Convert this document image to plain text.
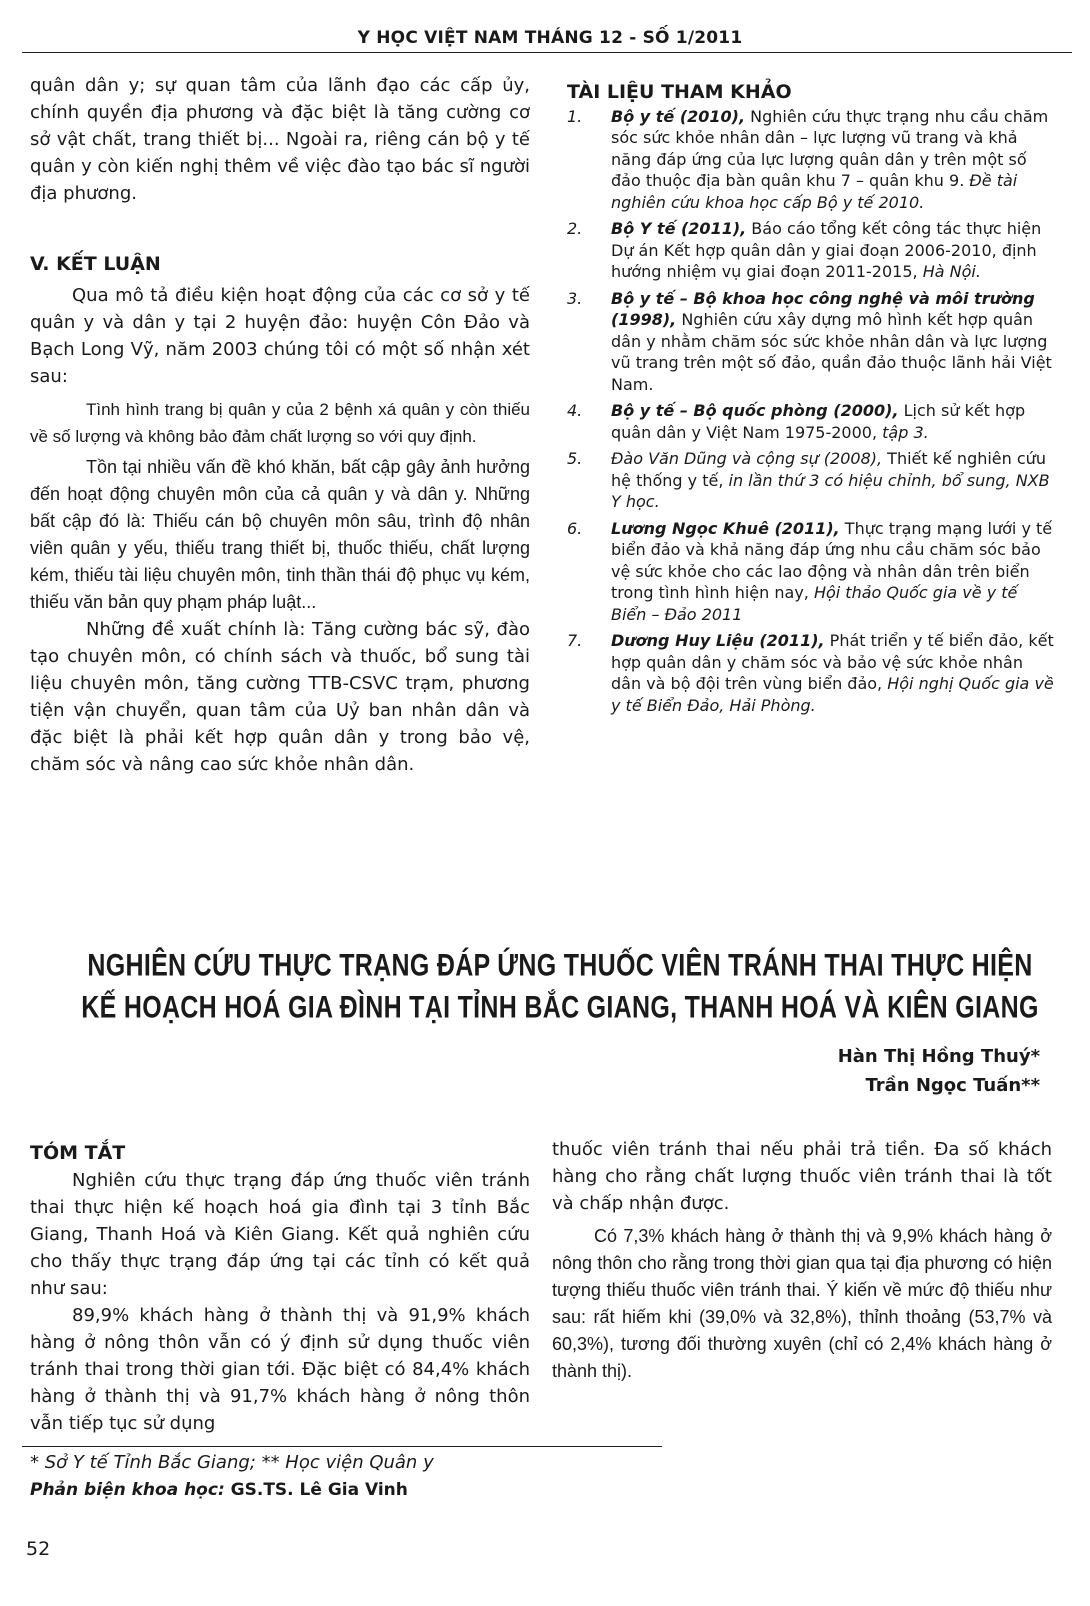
Y HỌC VIỆT NAM THÁNG 12 - SỐ 1/2011

quân dân y; sự quan tâm của lãnh đạo các cấp ủy, chính quyền địa phương và đặc biệt là tăng cường cơ sở vật chất, trang thiết bị... Ngoài ra, riêng cán bộ y tế quân y còn kiến nghị thêm về việc đào tạo bác sĩ người địa phương.

V. KẾT LUẬN

Qua mô tả điều kiện hoạt động của các cơ sở y tế quân y và dân y tại 2 huyện đảo: huyện Côn Đảo và Bạch Long Vỹ, năm 2003 chúng tôi có một số nhận xét sau:

Tình hình trang bị quân y của 2 bệnh xá quân y còn thiếu về số lượng và không bảo đảm chất lượng so với quy định.

Tồn tại nhiều vấn đề khó khăn, bất cập gây ảnh hưởng đến hoạt động chuyên môn của cả quân y và dân y. Những bất cập đó là: Thiếu cán bộ chuyên môn sâu, trình độ nhân viên quân y yếu, thiếu trang thiết bị, thuốc thiếu, chất lượng kém, thiếu tài liệu chuyên môn, tinh thần thái độ phục vụ kém, thiếu văn bản quy phạm pháp luật...

Những đề xuất chính là: Tăng cường bác sỹ, đào tạo chuyên môn, có chính sách và thuốc, bổ sung tài liệu chuyên môn, tăng cường TTB-CSVC trạm, phương tiện vận chuyển, quan tâm của Uỷ ban nhân dân và đặc biệt là phải kết hợp quân dân y trong bảo vệ, chăm sóc và nâng cao sức khỏe nhân dân.

TÀI LIỆU THAM KHẢO
1. Bộ y tế (2010), Nghiên cứu thực trạng nhu cầu chăm sóc sức khỏe nhân dân – lực lượng vũ trang và khả năng đáp ứng của lực lượng quân dân y trên một số đảo thuộc địa bàn quân khu 7 – quân khu 9. Đề tài nghiên cứu khoa học cấp Bộ y tế 2010.
2. Bộ Y tế (2011), Báo cáo tổng kết công tác thực hiện Dự án Kết hợp quân dân y giai đoạn 2006-2010, định hướng nhiệm vụ giai đoạn 2011-2015, Hà Nội.
3. Bộ y tế – Bộ khoa học công nghệ và môi trường (1998), Nghiên cứu xây dựng mô hình kết hợp quân dân y nhằm chăm sóc sức khỏe nhân dân và lực lượng vũ trang trên một số đảo, quần đảo thuộc lãnh hải Việt Nam.
4. Bộ y tế – Bộ quốc phòng (2000), Lịch sử kết hợp quân dân y Việt Nam 1975-2000, tập 3.
5. Đào Văn Dũng và cộng sự (2008), Thiết kế nghiên cứu hệ thống y tế, in lần thứ 3 có hiệu chỉnh, bổ sung, NXB Y học.
6. Lương Ngọc Khuê (2011), Thực trạng mạng lưới y tế biển đảo và khả năng đáp ứng nhu cầu chăm sóc bảo vệ sức khỏe cho các lao động và nhân dân trên biển trong tình hình hiện nay, Hội thảo Quốc gia về y tế Biển – Đảo 2011
7. Dương Huy Liệu (2011), Phát triển y tế biển đảo, kết hợp quân dân y chăm sóc và bảo vệ sức khỏe nhân dân và bộ đội trên vùng biển đảo, Hội nghị Quốc gia về y tế Biển Đảo, Hải Phòng.
NGHIÊN CỨU THỰC TRẠNG ĐÁP ỨNG THUỐC VIÊN TRÁNH THAI THỰC HIỆN
KẾ HOẠCH HOÁ GIA ĐÌNH TẠI TỈNH BẮC GIANG, THANH HOÁ VÀ KIÊN GIANG
Hàn Thị Hồng Thuý*
Trần Ngọc Tuấn**
TÓM TẮT

Nghiên cứu thực trạng đáp ứng thuốc viên tránh thai thực hiện kế hoạch hoá gia đình tại 3 tỉnh Bắc Giang, Thanh Hoá và Kiên Giang. Kết quả nghiên cứu cho thấy thực trạng đáp ứng tại các tỉnh có kết quả như sau:

89,9% khách hàng ở thành thị và 91,9% khách hàng ở nông thôn vẫn có ý định sử dụng thuốc viên tránh thai trong thời gian tới. Đặc biệt có 84,4% khách hàng ở thành thị và 91,7% khách hàng ở nông thôn vẫn tiếp tục sử dụng

thuốc viên tránh thai nếu phải trả tiền. Đa số khách hàng cho rằng chất lượng thuốc viên tránh thai là tốt và chấp nhận được.

Có 7,3% khách hàng ở thành thị và 9,9% khách hàng ở nông thôn cho rằng trong thời gian qua tại địa phương có hiện tượng thiếu thuốc viên tránh thai. Ý kiến về mức độ thiếu như sau: rất hiếm khi (39,0% và 32,8%), thỉnh thoảng (53,7% và 60,3%), tương đối thường xuyên (chỉ có 2,4% khách hàng ở thành thị).

* Sở Y tế Tỉnh Bắc Giang; ** Học viện Quân y
Phản biện khoa học: GS.TS. Lê Gia Vinh
52
